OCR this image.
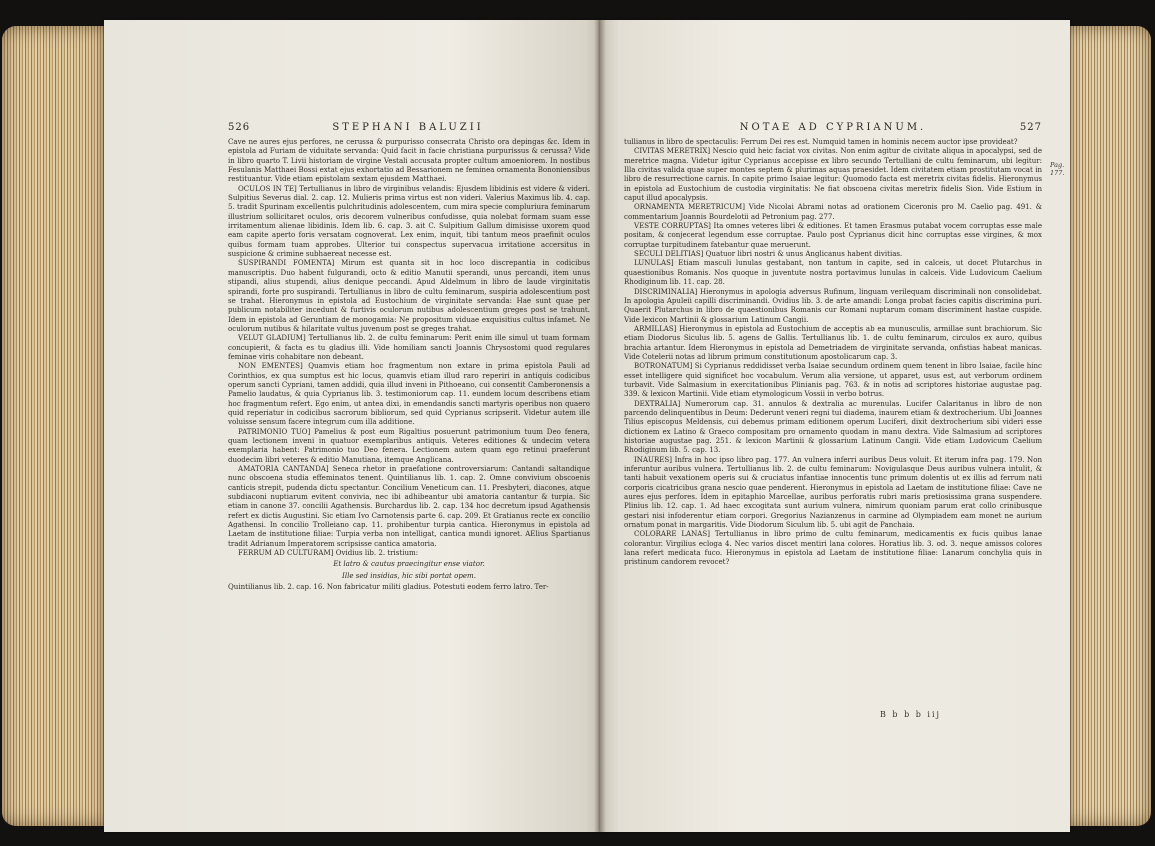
526	STEPHANI BALUZII

Cave ne aures ejus perfores, ne cerussa & purpurisso consecrata Christo ora depingas &c. Idem in epistola ad Furiam de viduitate servanda: Quid facit in facie christiana purpurissus & cerussa? Vide in libro quarto T. Livii historiam de virgine Vestali accusata propter cultum amoeniorem. In nostibus Fesulanis Matthaei Bossi extat ejus exhortatio ad Bessarionem ne feminea ornamenta Bononiensibus restituantur. Vide etiam epistolam sextam ejusdem Matthaei.

OCULOS IN TE] Tertullianus in libro de virginibus velandis: Ejusdem libidinis est videre & videri. Sulpitius Severus dial. 2. cap. 12. Mulieris prima virtus est non videri. Valerius Maximus lib. 4. cap. 5. tradit Spurinam excellentis pulchritudinis adolescentem, cum mira specie compluriura feminarum illustrium sollicitaret oculos, oris decorem vulneribus confudisse, quia nolebat formam suam esse irritamentum alienae libidinis. Idem lib. 6. cap. 3. ait C. Sulpitium Gallum dimisisse uxorem quod eam capite aperto foris versatam cognoverat. Lex enim, inquit, tibi tantum meos praefinit oculos quibus formam tuam approbes. Ulterior tui conspectus supervacua irritatione accersitus in suspicione & crimine subhaereat necesse est.

SUSPIRANDI FOMENTA] Mirum est quanta sit in hoc loco discrepantia in codicibus manuscriptis. Duo habent fulgurandi, octo & editio Manutii sperandi, unus percandi, item unus stipandi, alius stupendi, alius denique peccandi. Apud Aldelmum in libro de laude virginitatis spirandi, forte pro suspirandi. Tertullianus in libro de cultu feminarum, suspiria adolescentium post se trahat. Hieronymus in epistola ad Eustochium de virginitate servanda: Hae sunt quae per publicum notabiliter incedunt & furtivis oculorum nutibus adolescentium greges post se trahunt. Idem in epistola ad Geruntiam de monogamia: Ne propositum viduae exquisitius cultus infamet. Ne oculorum nutibus & hilaritate vultus juvenum post se greges trahat.

VELUT GLADIUM] Tertullianus lib. 2. de cultu feminarum: Perit enim ille simul ut tuam formam concupierit, & facta es tu gladius illi. Vide homiliam sancti Joannis Chrysostomi quod regulares feminae viris cohabitare non debeant.

NON EMENTES] Quamvis etiam hoc fragmentum non extare in prima epistola Pauli ad Corinthios, ex qua sumptus est hic locus, quamvis etiam illud raro reperiri in antiquis codicibus operum sancti Cypriani, tamen addidi, quia illud inveni in Pithoeano, cui consentit Camberonensis a Pamelio laudatus, & quia Cyprianus lib. 3. testimoniorum cap. 11. eundem locum describens etiam hoc fragmentum refert. Ego enim, ut antea dixi, in emendandis sancti martyris operibus non quaero quid reperiatur in codicibus sacrorum bibliorum, sed quid Cyprianus scripserit. Videtur autem ille voluisse sensum facere integrum cum illa additione.

PATRIMONIO TUO] Pamelius & post eum Rigaltius posuerunt patrimonium tuum Deo fenera, quam lectionem inveni in quatuor exemplaribus antiquis. Veteres editiones & undecim vetera exemplaria habent: Patrimonio tuo Deo fenera. Lectionem autem quam ego retinui praeferunt duodecim libri veteres & editio Manutiana, itemque Anglicana.

AMATORIA CANTANDA] Seneca rhetor in praefatione controversiarum: Cantandi saltandique nunc obscoena studia effeminatos tenent. Quintilianus lib. 1. cap. 2. Omne convivium obscoenis canticis strepit, pudenda dictu spectantur. Concilium Veneticum can. 11. Presbyteri, diacones, atque subdiaconi nuptiarum evitent convivia, nec ibi adhibeantur ubi amatoria cantantur & turpia. Sic etiam in canone 37. concilii Agathensis. Burchardus lib. 2. cap. 134 hoc decretum ipsud Agathensis refert ex dictis Augustini. Sic etiam Ivo Carnotensis parte 6. cap. 209. Et Gratianus recte ex concilio Agathensi. In concilio Trolleiano cap. 11. prohibentur turpia cantica. Hieronymus in epistola ad Laetam de institutione filiae: Turpia verba non intelligat, cantica mundi ignoret. AElius Spartianus tradit Adrianum Imperatorem scripsisse cantica amatoria.

FERRUM AD CULTURAM] Ovidius lib. 2. tristium:

Et latro & cautus praecingitur ense viator.

Ille sed insidias, hic sibi portat opem.

Quintilianus lib. 2. cap. 16. Non fabricatur militi gladius. Potestuti eodem ferro latro. Ter-

NOTAE AD CYPRIANUM.	527
Pag. 177.

tullianus in libro de spectaculis: Ferrum Dei res est. Numquid tamen in hominis necem auctor ipse provideat?

CIVITAS MERETRIX] Nescio quid heic faciat vox civitas. Non enim agitur de civitate aliqua in apocalypsi, sed de meretrice magna. Videtur igitur Cyprianus accepisse ex libro secundo Tertulliani de cultu feminarum, ubi legitur: Illa civitas valida quae super montes septem & plurimas aquas praesidet. Idem civitatem etiam prostitutam vocat in libro de resurrectione carnis. In capite primo Isaiae legitur: Quomodo facta est meretrix civitas fidelis. Hieronymus in epistola ad Eustochium de custodia virginitatis: Ne fiat obscoena civitas meretrix fidelis Sion. Vide Estium in caput illud apocalypsis.

ORNAMENTA MERETRICUM] Vide Nicolai Abrami notas ad orationem Ciceronis pro M. Caelio pag. 491. & commentarium Joannis Bourdelotii ad Petronium pag. 277.

VESTE CORRUPTAS] Ita omnes veteres libri & editiones. Et tamen Erasmus putabat vocem corruptas esse male positam, & conjecerat legendum esse corruptae. Paulo post Cyprianus dicit hinc corruptas esse virgines, & mox corruptae turpitudinem fatebantur quae meruerunt.

SECULI DELITIAS] Quatuor libri nostri & unus Anglicanus habent divitias.

LUNULAS] Etiam masculi lunulas gestabant, non tantum in capite, sed in calceis, ut docet Plutarchus in quaestionibus Romanis. Nos quoque in juventute nostra portavimus lunulas in calceis. Vide Ludovicum Caelium Rhodiginum lib. 11. cap. 28.

DISCRIMINALIA] Hieronymus in apologia adversus Rufinum, linguam verilequam discriminali non consolidebat. In apologia Apuleii capilli discriminandi. Ovidius lib. 3. de arte amandi: Longa probat facies capitis discrimina puri. Quaerit Plutarchus in libro de quaestionibus Romanis cur Romani nuptarum comam discriminent hastae cuspide. Vide lexicon Martinii & glossarium Latinum Cangii.

ARMILLAS] Hieronymus in epistola ad Eustochium de acceptis ab ea munusculis, armillae sunt brachiorum. Sic etiam Diodorus Siculus lib. 5. agens de Gallis. Tertullianus lib. 1. de cultu feminarum, circulos ex auro, quibus brachia artantur. Idem Hieronymus in epistola ad Demetriadem de virginitate servanda, onfistias habeat manicas. Vide Cotelerii notas ad librum primum constitutionum apostolicarum cap. 3.

BOTRONATUM] Si Cyprianus reddidisset verba Isaiae secundum ordinem quem tenent in libro Isaiae, facile hinc esset intelligere quid significet hoc vocabulum. Verum alia versione, ut apparet, usus est, aut verborum ordinem turbavit. Vide Salmasium in exercitationibus Plinianis pag. 763. & in notis ad scriptores historiae augustae pag. 339. & lexicon Martinii. Vide etiam etymologicum Vossii in verbo botrus.

DEXTRALIA] Numerorum cap. 31. annulos & dextralia ac murenulas. Lucifer Calaritanus in libro de non parcendo delinquentibus in Deum: Dederunt veneri regni tui diadema, inaurem etiam & dextrocherium. Ubi Joannes Tilius episcopus Meldensis, cui debemus primam editionem operum Luciferi, dixit dextrocherium sibi videri esse dictionem ex Latino & Graeco compositam pro ornamento quodam in manu dextra. Vide Salmasium ad scriptores historiae augustae pag. 251. & lexicon Martinii & glossarium Latinum Cangii. Vide etiam Ludovicum Caelium Rhodiginum lib. 5. cap. 13.

INAURES] Infra in hoc ipso libro pag. 177. An vulnera inferri auribus Deus voluit. Et iterum infra pag. 179. Non inferuntur auribus vulnera. Tertullianus lib. 2. de cultu feminarum: Novigulasque Deus auribus vulnera intulit, & tanti habuit vexationem operis sui & cruciatus infantiae innocentis tunc primum dolentis ut ex illis ad ferrum nati corporis cicatricibus grana nescio quae penderent. Hieronymus in epistola ad Laetam de institutione filiae: Cave ne aures ejus perfores. Idem in epitaphio Marcellae, auribus perforatis rubri maris pretiosissima grana suspendere. Plinius lib. 12. cap. 1. Ad haec excogitata sunt aurium vulnera, nimirum quoniam parum erat collo crinibusque gestari nisi infoderentur etiam corpori. Gregorius Nazianzenus in carmine ad Olympiadem eam monet ne aurium ornatum ponat in margaritis. Vide Diodorum Siculum lib. 5. ubi agit de Panchaia.

COLORARE LANAS] Tertullianus in libro primo de cultu feminarum, medicamentis ex fucis quibus lanae colorantur. Virgilius ecloga 4. Nec varios discet mentiri lana colores. Horatius lib. 3. od. 3. neque amissos colores lana refert medicata fuco. Hieronymus in epistola ad Laetam de institutione filiae: Lanarum conchylia quis in pristinum candorem revocet?

B b b b iij
